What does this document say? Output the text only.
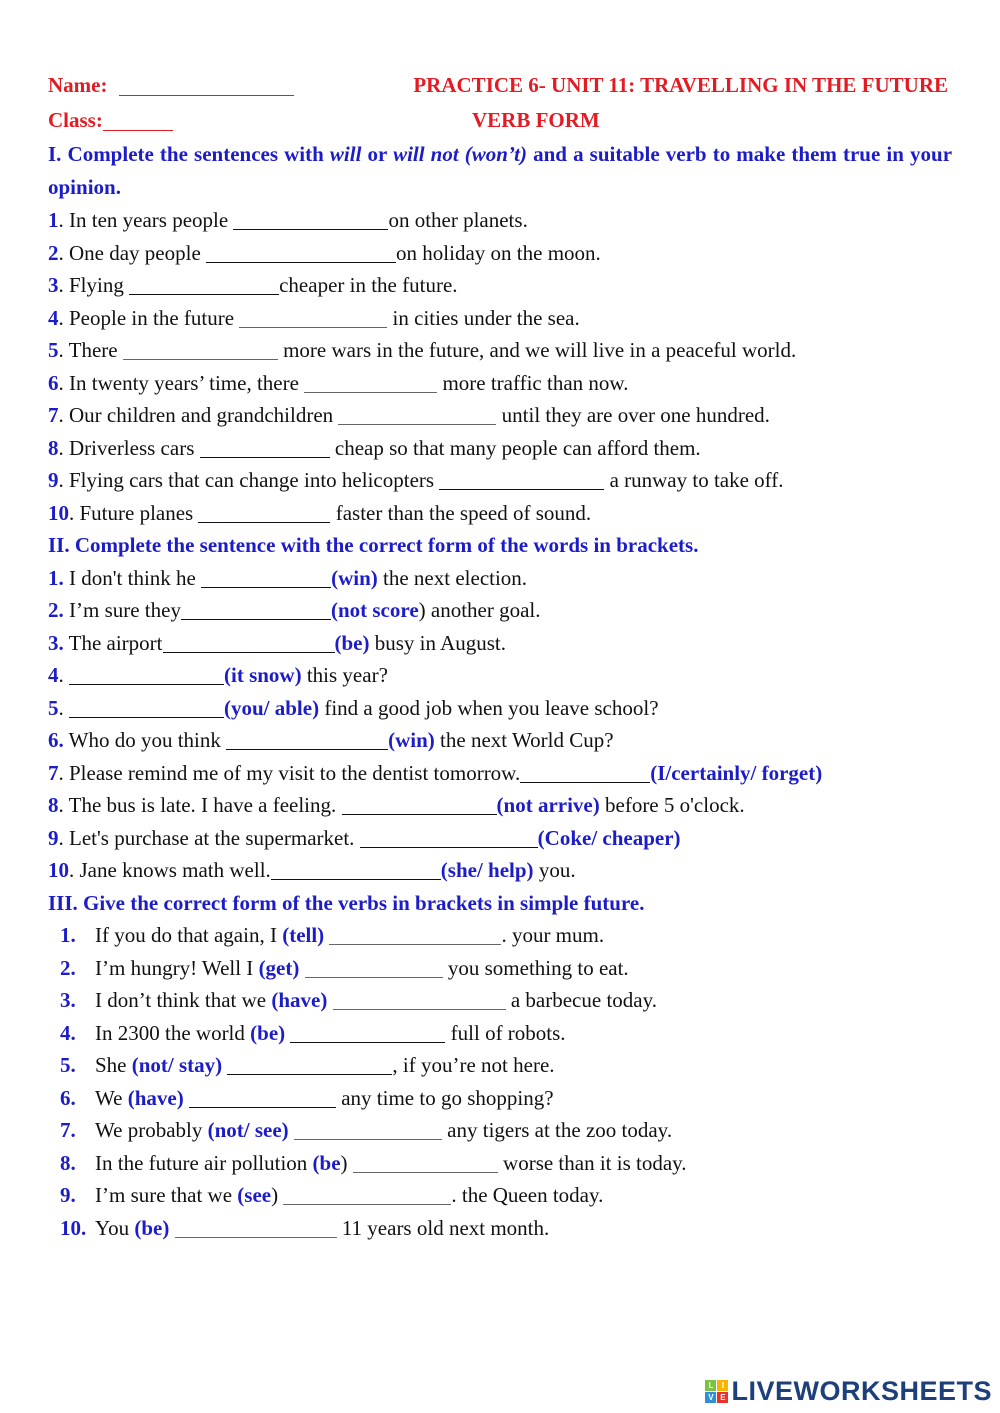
Name:	PRACTICE 6- UNIT 11: TRAVELLING IN THE FUTURE
Class:	VERB FORM
I. Complete the sentences with will or will not (won’t) and a suitable verb to make them true in your opinion.
1. In ten years people	on other planets.
2. One day people	on holiday on the moon.
3. Flying	cheaper in the future.
4. People in the future	in cities under the sea.
5. There	more wars in the future, and we will live in a peaceful world.
6. In twenty years’ time, there	more traffic than now.
7. Our children and grandchildren	until they are over one hundred.
8. Driverless cars	cheap so that many people can afford them.
9. Flying cars that can change into helicopters	a runway to take off.
10. Future planes	faster than the speed of sound.
II. Complete the sentence with the correct form of the words in brackets.
1. I don't think he	(win) the next election.
2. I’m sure they	(not score) another goal.
3. The airport	(be) busy in August.
4.	(it snow) this year?
5.	(you/ able) find a good job when you leave school?
6. Who do you think	(win) the next World Cup?
7. Please remind me of my visit to the dentist tomorrow.	(I/certainly/ forget)
8. The bus is late. I have a feeling.	(not arrive) before 5 o'clock.
9. Let's purchase at the supermarket.	(Coke/ cheaper)
10. Jane knows math well.	(she/ help) you.
III. Give the correct form of the verbs in brackets in simple future.
1. If you do that again, I (tell)	. your mum.
2. I’m hungry! Well I (get)	you something to eat.
3. I don’t think that we (have)	a barbecue today.
4. In 2300 the world (be)	full of robots.
5. She (not/ stay)	, if you’re not here.
6. We (have)	any time to go shopping?
7. We probably (not/ see)	any tigers at the zoo today.
8. In the future air pollution (be)	worse than it is today.
9. I’m sure that we (see)	. the Queen today.
10. You (be)	11 years old next month.
L	I
V E LIVEWORKSHEETS
